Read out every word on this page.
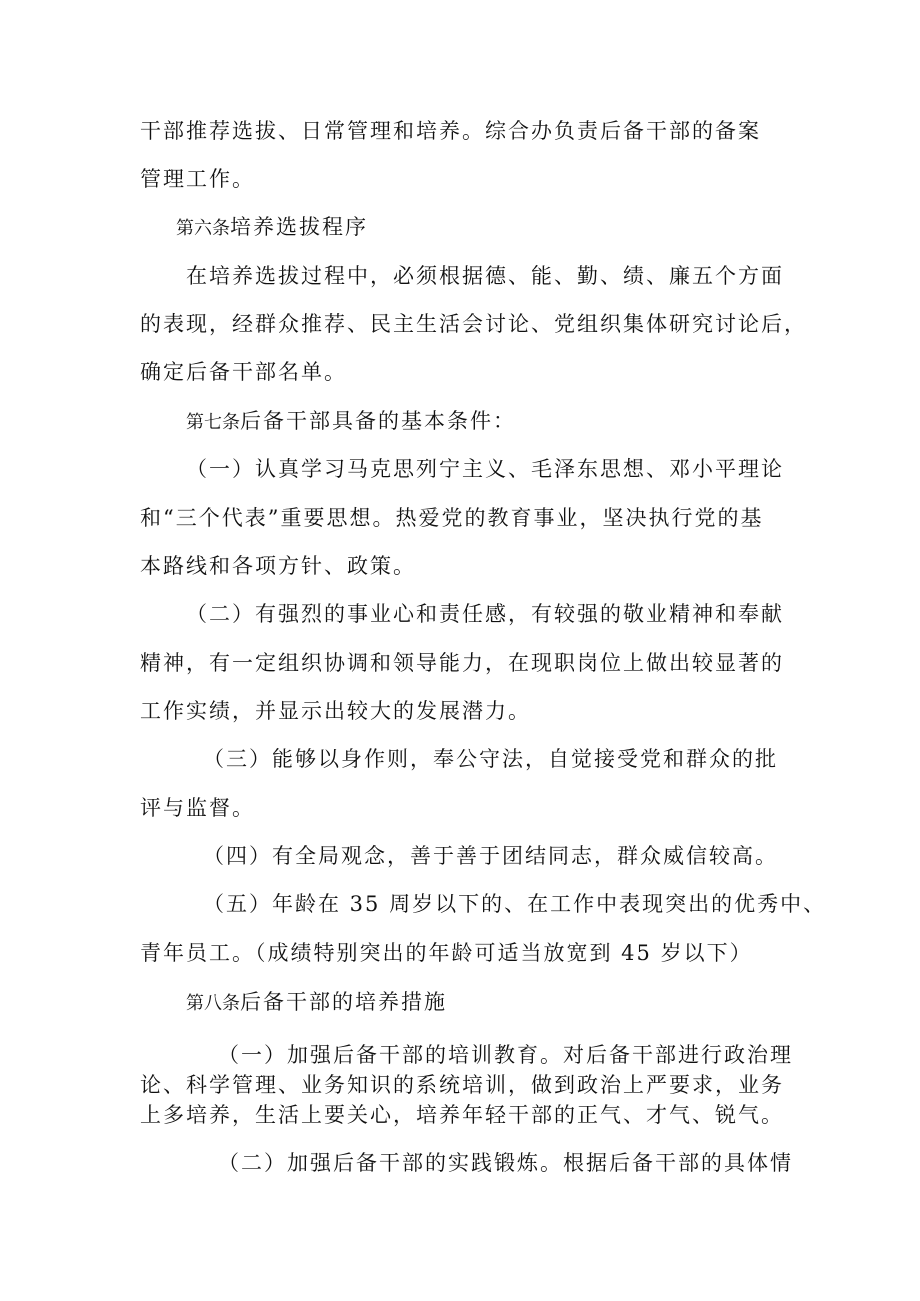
干部推荐选拔、日常管理和培养。综合办负责后备干部的备案
管理工作。
第六条培养选拔程序
在培养选拔过程中，必须根据德、能、勤、绩、廉五个方面
的表现，经群众推荐、民主生活会讨论、党组织集体研究讨论后，
确定后备干部名单。
第七条后备干部具备的基本条件：
（一）认真学习马克思列宁主义、毛泽东思想、邓小平理论
和“三个代表”重要思想。热爱党的教育事业，坚决执行党的基
本路线和各项方针、政策。
（二）有强烈的事业心和责任感，有较强的敬业精神和奉献
精神，有一定组织协调和领导能力，在现职岗位上做出较显著的
工作实绩，并显示出较大的发展潜力。
（三）能够以身作则，奉公守法，自觉接受党和群众的批
评与监督。
（四）有全局观念，善于善于团结同志，群众威信较高。
（五）年龄在 35 周岁以下的、在工作中表现突出的优秀中、
青年员工。（成绩特别突出的年龄可适当放宽到 45 岁以下）
第八条后备干部的培养措施
（一）加强后备干部的培训教育。对后备干部进行政治理
论、科学管理、业务知识的系统培训，做到政治上严要求，业务
上多培养，生活上要关心，培养年轻干部的正气、才气、锐气。
（二）加强后备干部的实践锻炼。根据后备干部的具体情
